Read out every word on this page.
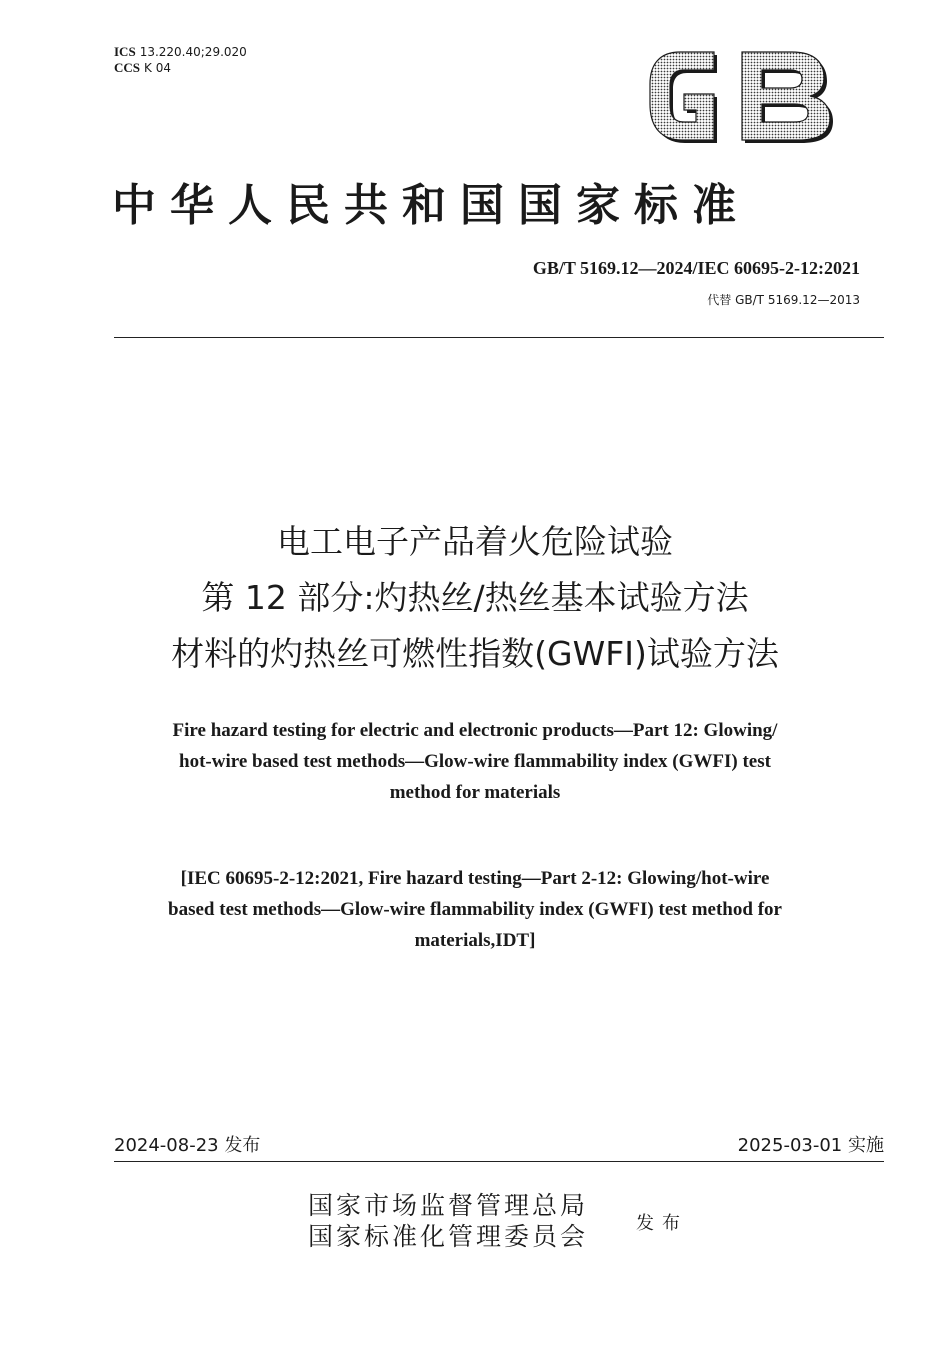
ICS 13.220.40;29.020
CCS K 04
中华人民共和国国家标准
GB/T 5169.12—2024/IEC 60695-2-12:2021
代替 GB/T 5169.12—2013
电工电子产品着火危险试验
第 12 部分:灼热丝/热丝基本试验方法
材料的灼热丝可燃性指数(GWFI)试验方法
Fire hazard testing for electric and electronic products—Part 12: Glowing/
hot-wire based test methods—Glow-wire flammability index (GWFI) test
method for materials
[IEC 60695-2-12:2021, Fire hazard testing—Part 2-12: Glowing/hot-wire
based test methods—Glow-wire flammability index (GWFI) test method for
materials,IDT]
2024-08-23 发布	2025-03-01 实施
国家市场监督管理总局
国家标准化管理委员会	发布
